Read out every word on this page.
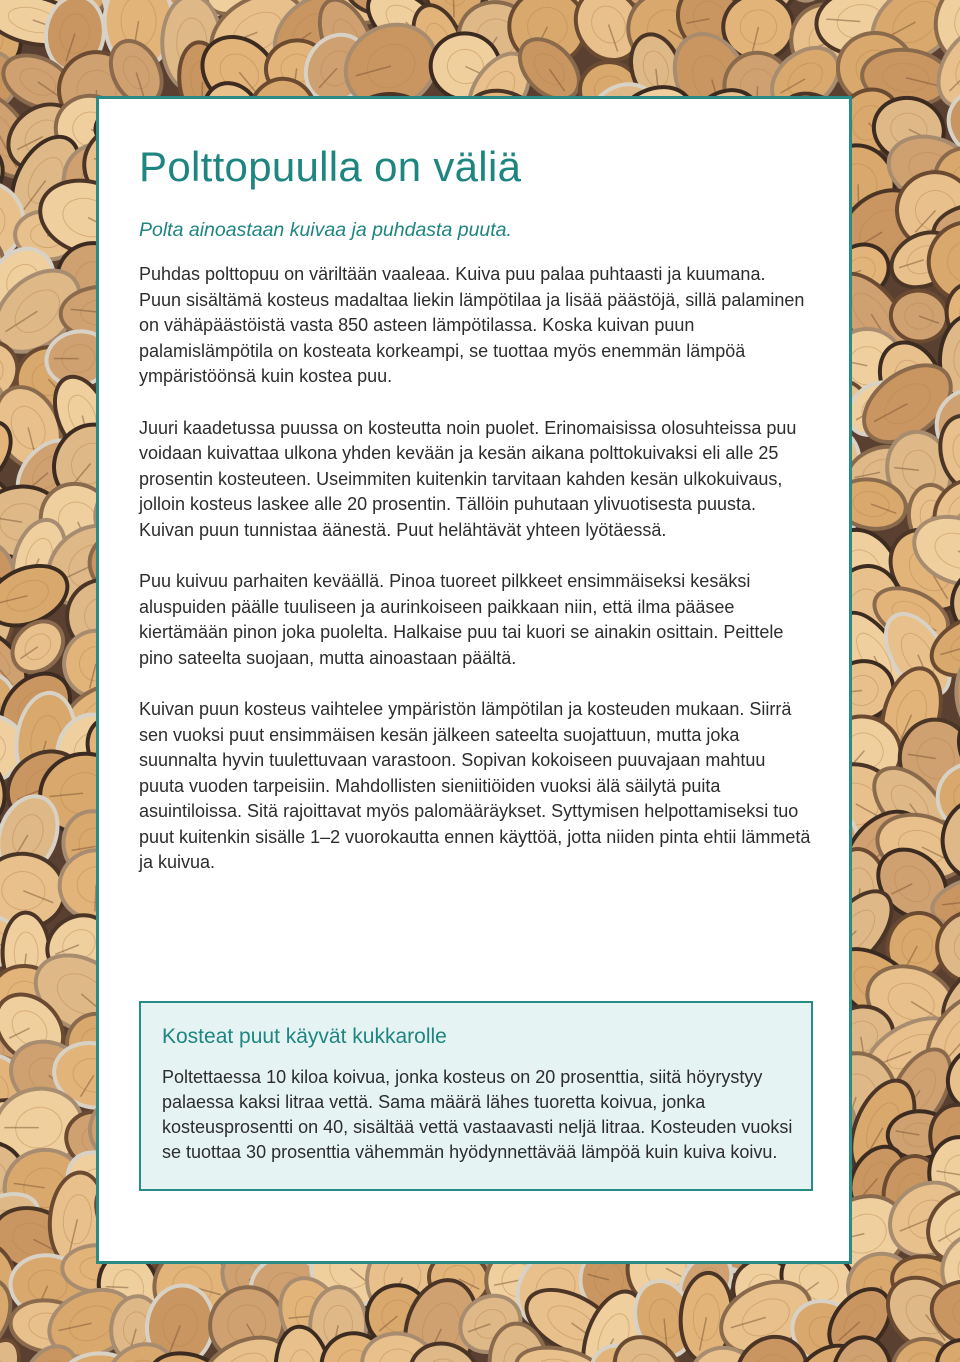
Polttopuulla on väliä

Polta ainoastaan kuivaa ja puhdasta puuta.

Puhdas polttopuu on väriltään vaaleaa. Kuiva puu palaa puhtaasti ja kuumana. Puun sisältämä kosteus madaltaa liekin lämpötilaa ja lisää päästöjä, sillä palaminen on vähäpäästöistä vasta 850 asteen lämpötilassa. Koska kuivan puun palamislämpötila on kosteata korkeampi, se tuottaa myös enemmän lämpöä ympäristöönsä kuin kostea puu.

Juuri kaadetussa puussa on kosteutta noin puolet. Erinomaisissa olosuhteissa puu voidaan kuivattaa ulkona yhden kevään ja kesän aikana polttokuivaksi eli alle 25 prosentin kosteuteen. Useimmiten kuitenkin tarvitaan kahden kesän ulkokuivaus, jolloin kosteus laskee alle 20 prosentin. Tällöin puhutaan ylivuotisesta puusta. Kuivan puun tunnistaa äänestä. Puut helähtävät yhteen lyötäessä.

Puu kuivuu parhaiten keväällä. Pinoa tuoreet pilkkeet ensimmäiseksi kesäksi aluspuiden päälle tuuliseen ja aurinkoiseen paikkaan niin, että ilma pääsee kiertämään pinon joka puolelta. Halkaise puu tai kuori se ainakin osittain. Peittele pino sateelta suojaan, mutta ainoastaan päältä.

Kuivan puun kosteus vaihtelee ympäristön lämpötilan ja kosteuden mukaan. Siirrä sen vuoksi puut ensimmäisen kesän jälkeen sateelta suojattuun, mutta joka suunnalta hyvin tuulettuvaan varastoon. Sopivan kokoiseen puuvajaan mahtuu puuta vuoden tarpeisiin. Mahdollisten sieniitiöiden vuoksi älä säilytä puita asuintiloissa. Sitä rajoittavat myös palomääräykset. Syttymisen helpottamiseksi tuo puut kuitenkin sisälle 1–2 vuorokautta ennen käyttöä, jotta niiden pinta ehtii lämmetä ja kuivua.

Kosteat puut käyvät kukkarolle

Poltettaessa 10 kiloa koivua, jonka kosteus on 20 prosenttia, siitä höyrystyy palaessa kaksi litraa vettä. Sama määrä lähes tuoretta koivua, jonka kosteusprosentti on 40, sisältää vettä vastaavasti neljä litraa. Kosteuden vuoksi se tuottaa 30 prosenttia vähemmän hyödynnettävää lämpöä kuin kuiva koivu.
